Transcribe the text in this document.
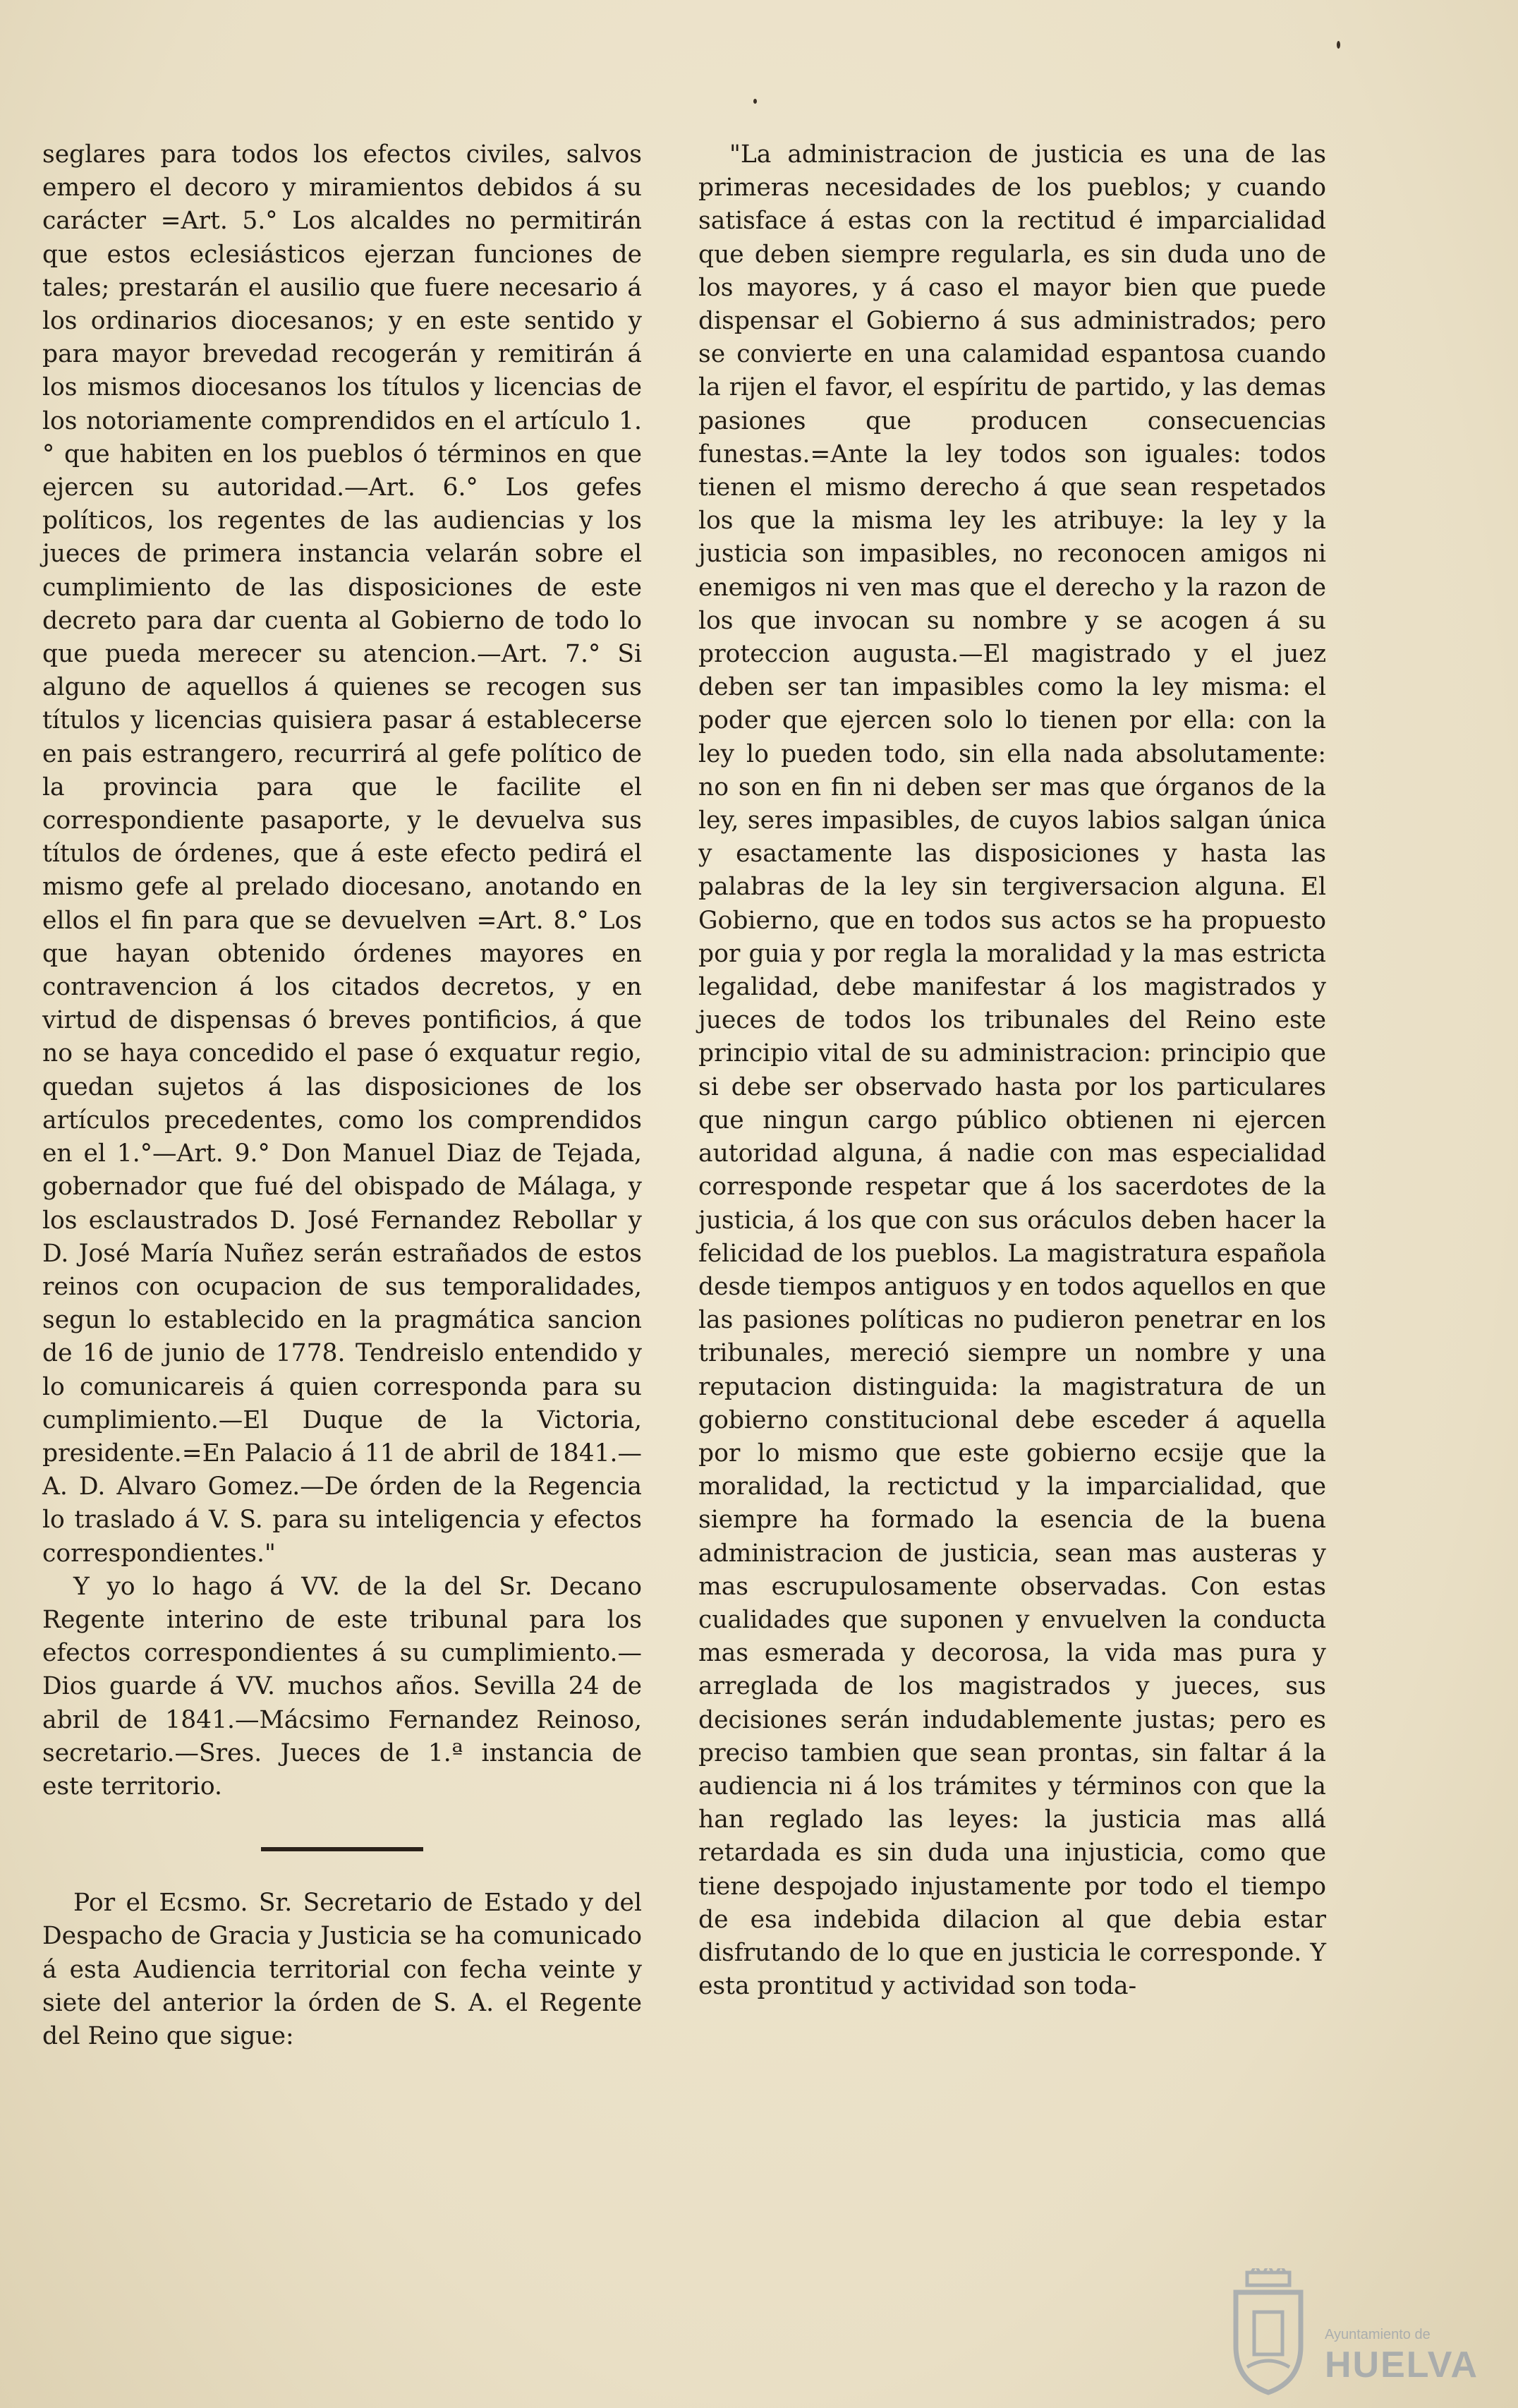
seglares para todos los efectos civiles, salvos empero el decoro y miramientos debidos á su carácter =Art. 5.° Los alcaldes no permitirán que estos eclesiásticos ejerzan funciones de tales; prestarán el ausilio que fuere necesario á los ordinarios diocesanos; y en este sentido y para mayor brevedad recogerán y remitirán á los mismos diocesanos los títulos y licencias de los notoriamente comprendidos en el artículo 1.° que habiten en los pueblos ó términos en que ejercen su autoridad.—Art. 6.° Los gefes políticos, los regentes de las audiencias y los jueces de primera instancia velarán sobre el cumplimiento de las disposiciones de este decreto para dar cuenta al Gobierno de todo lo que pueda merecer su atencion.—Art. 7.° Si alguno de aquellos á quienes se recogen sus títulos y licencias quisiera pasar á establecerse en pais estrangero, recurrirá al gefe político de la provincia para que le facilite el correspondiente pasaporte, y le devuelva sus títulos de órdenes, que á este efecto pedirá el mismo gefe al prelado diocesano, anotando en ellos el fin para que se devuelven =Art. 8.° Los que hayan obtenido órdenes mayores en contravencion á los citados decretos, y en virtud de dispensas ó breves pontificios, á que no se haya concedido el pase ó exquatur regio, quedan sujetos á las disposiciones de los artículos precedentes, como los comprendidos en el 1.°—Art. 9.° Don Manuel Diaz de Tejada, gobernador que fué del obispado de Málaga, y los esclaustrados D. José Fernandez Rebollar y D. José María Nuñez serán estrañados de estos reinos con ocupacion de sus temporalidades, segun lo establecido en la pragmática sancion de 16 de junio de 1778. Tendreislo entendido y lo comunicareis á quien corresponda para su cumplimiento.—El Duque de la Victoria, presidente.=En Palacio á 11 de abril de 1841.—A. D. Alvaro Gomez.—De órden de la Regencia lo traslado á V. S. para su inteligencia y efectos correspondientes."

Y yo lo hago á VV. de la del Sr. Decano Regente interino de este tribunal para los efectos correspondientes á su cumplimiento.—Dios guarde á VV. muchos años. Sevilla 24 de abril de 1841.—Mácsimo Fernandez Reinoso, secretario.—Sres. Jueces de 1.ª instancia de este territorio.

Por el Ecsmo. Sr. Secretario de Estado y del Despacho de Gracia y Justicia se ha comunicado á esta Audiencia territorial con fecha veinte y siete del anterior la órden de S. A. el Regente del Reino que sigue:

"La administracion de justicia es una de las primeras necesidades de los pueblos; y cuando satisface á estas con la rectitud é imparcialidad que deben siempre regularla, es sin duda uno de los mayores, y á caso el mayor bien que puede dispensar el Gobierno á sus administrados; pero se convierte en una calamidad espantosa cuando la rijen el favor, el espíritu de partido, y las demas pasiones que producen consecuencias funestas.=Ante la ley todos son iguales: todos tienen el mismo derecho á que sean respetados los que la misma ley les atribuye: la ley y la justicia son impasibles, no reconocen amigos ni enemigos ni ven mas que el derecho y la razon de los que invocan su nombre y se acogen á su proteccion augusta.—El magistrado y el juez deben ser tan impasibles como la ley misma: el poder que ejercen solo lo tienen por ella: con la ley lo pueden todo, sin ella nada absolutamente: no son en fin ni deben ser mas que órganos de la ley, seres impasibles, de cuyos labios salgan única y esactamente las disposiciones y hasta las palabras de la ley sin tergiversacion alguna. El Gobierno, que en todos sus actos se ha propuesto por guia y por regla la moralidad y la mas estricta legalidad, debe manifestar á los magistrados y jueces de todos los tribunales del Reino este principio vital de su administracion: principio que si debe ser observado hasta por los particulares que ningun cargo público obtienen ni ejercen autoridad alguna, á nadie con mas especialidad corresponde respetar que á los sacerdotes de la justicia, á los que con sus oráculos deben hacer la felicidad de los pueblos. La magistratura española desde tiempos antiguos y en todos aquellos en que las pasiones políticas no pudieron penetrar en los tribunales, mereció siempre un nombre y una reputacion distinguida: la magistratura de un gobierno constitucional debe esceder á aquella por lo mismo que este gobierno ecsije que la moralidad, la rectictud y la imparcialidad, que siempre ha formado la esencia de la buena administracion de justicia, sean mas austeras y mas escrupulosamente observadas. Con estas cualidades que suponen y envuelven la conducta mas esmerada y decorosa, la vida mas pura y arreglada de los magistrados y jueces, sus decisiones serán indudablemente justas; pero es preciso tambien que sean prontas, sin faltar á la audiencia ni á los trámites y términos con que la han reglado las leyes: la justicia mas allá retardada es sin duda una injusticia, como que tiene despojado injustamente por todo el tiempo de esa indebida dilacion al que debia estar disfrutando de lo que en justicia le corresponde. Y esta prontitud y actividad son toda-

Ayuntamiento de
HUELVA
